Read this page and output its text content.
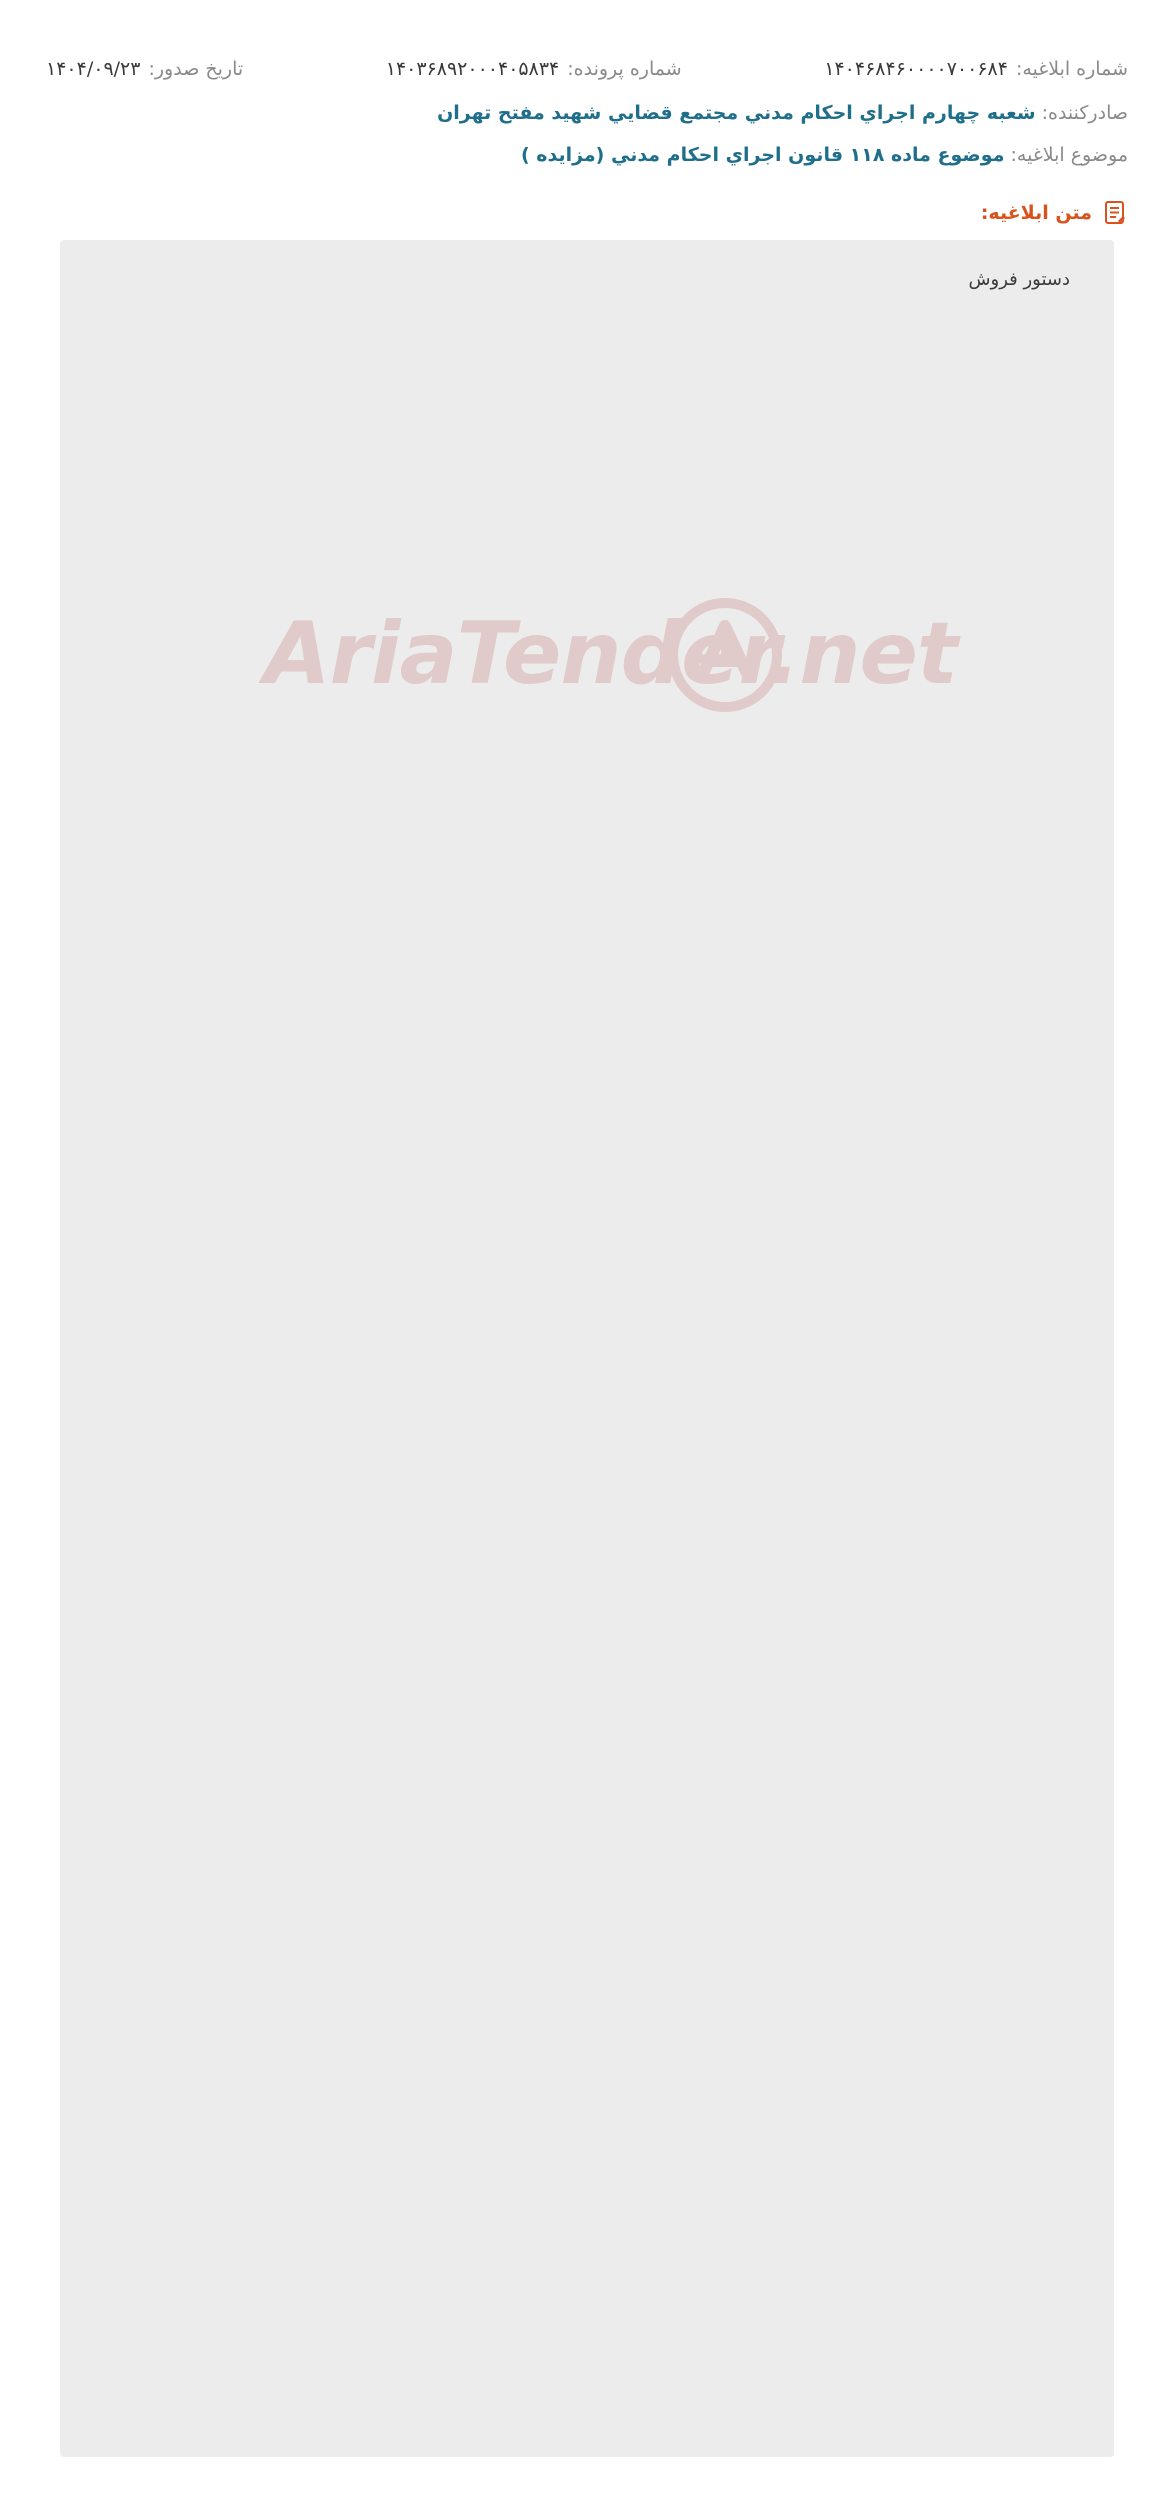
شماره ابلاغیه:
۱۴۰۴۶۸۴۶۰۰۰۰۷۰۰۶۸۴
شماره پرونده:
۱۴۰۳۶۸۹۲۰۰۰۴۰۵۸۳۴
تاریخ صدور:
۱۴۰۴/۰۹/۲۳
صادرکننده: شعبه چهارم اجراي احكام مدني مجتمع قضايي شهيد مفتح تهران
موضوع ابلاغیه: موضوع ماده ۱۱۸ قانون اجراي احكام مدني (مزایده )
متن ابلاغیه:
AriaTender.net
دستور فروش
